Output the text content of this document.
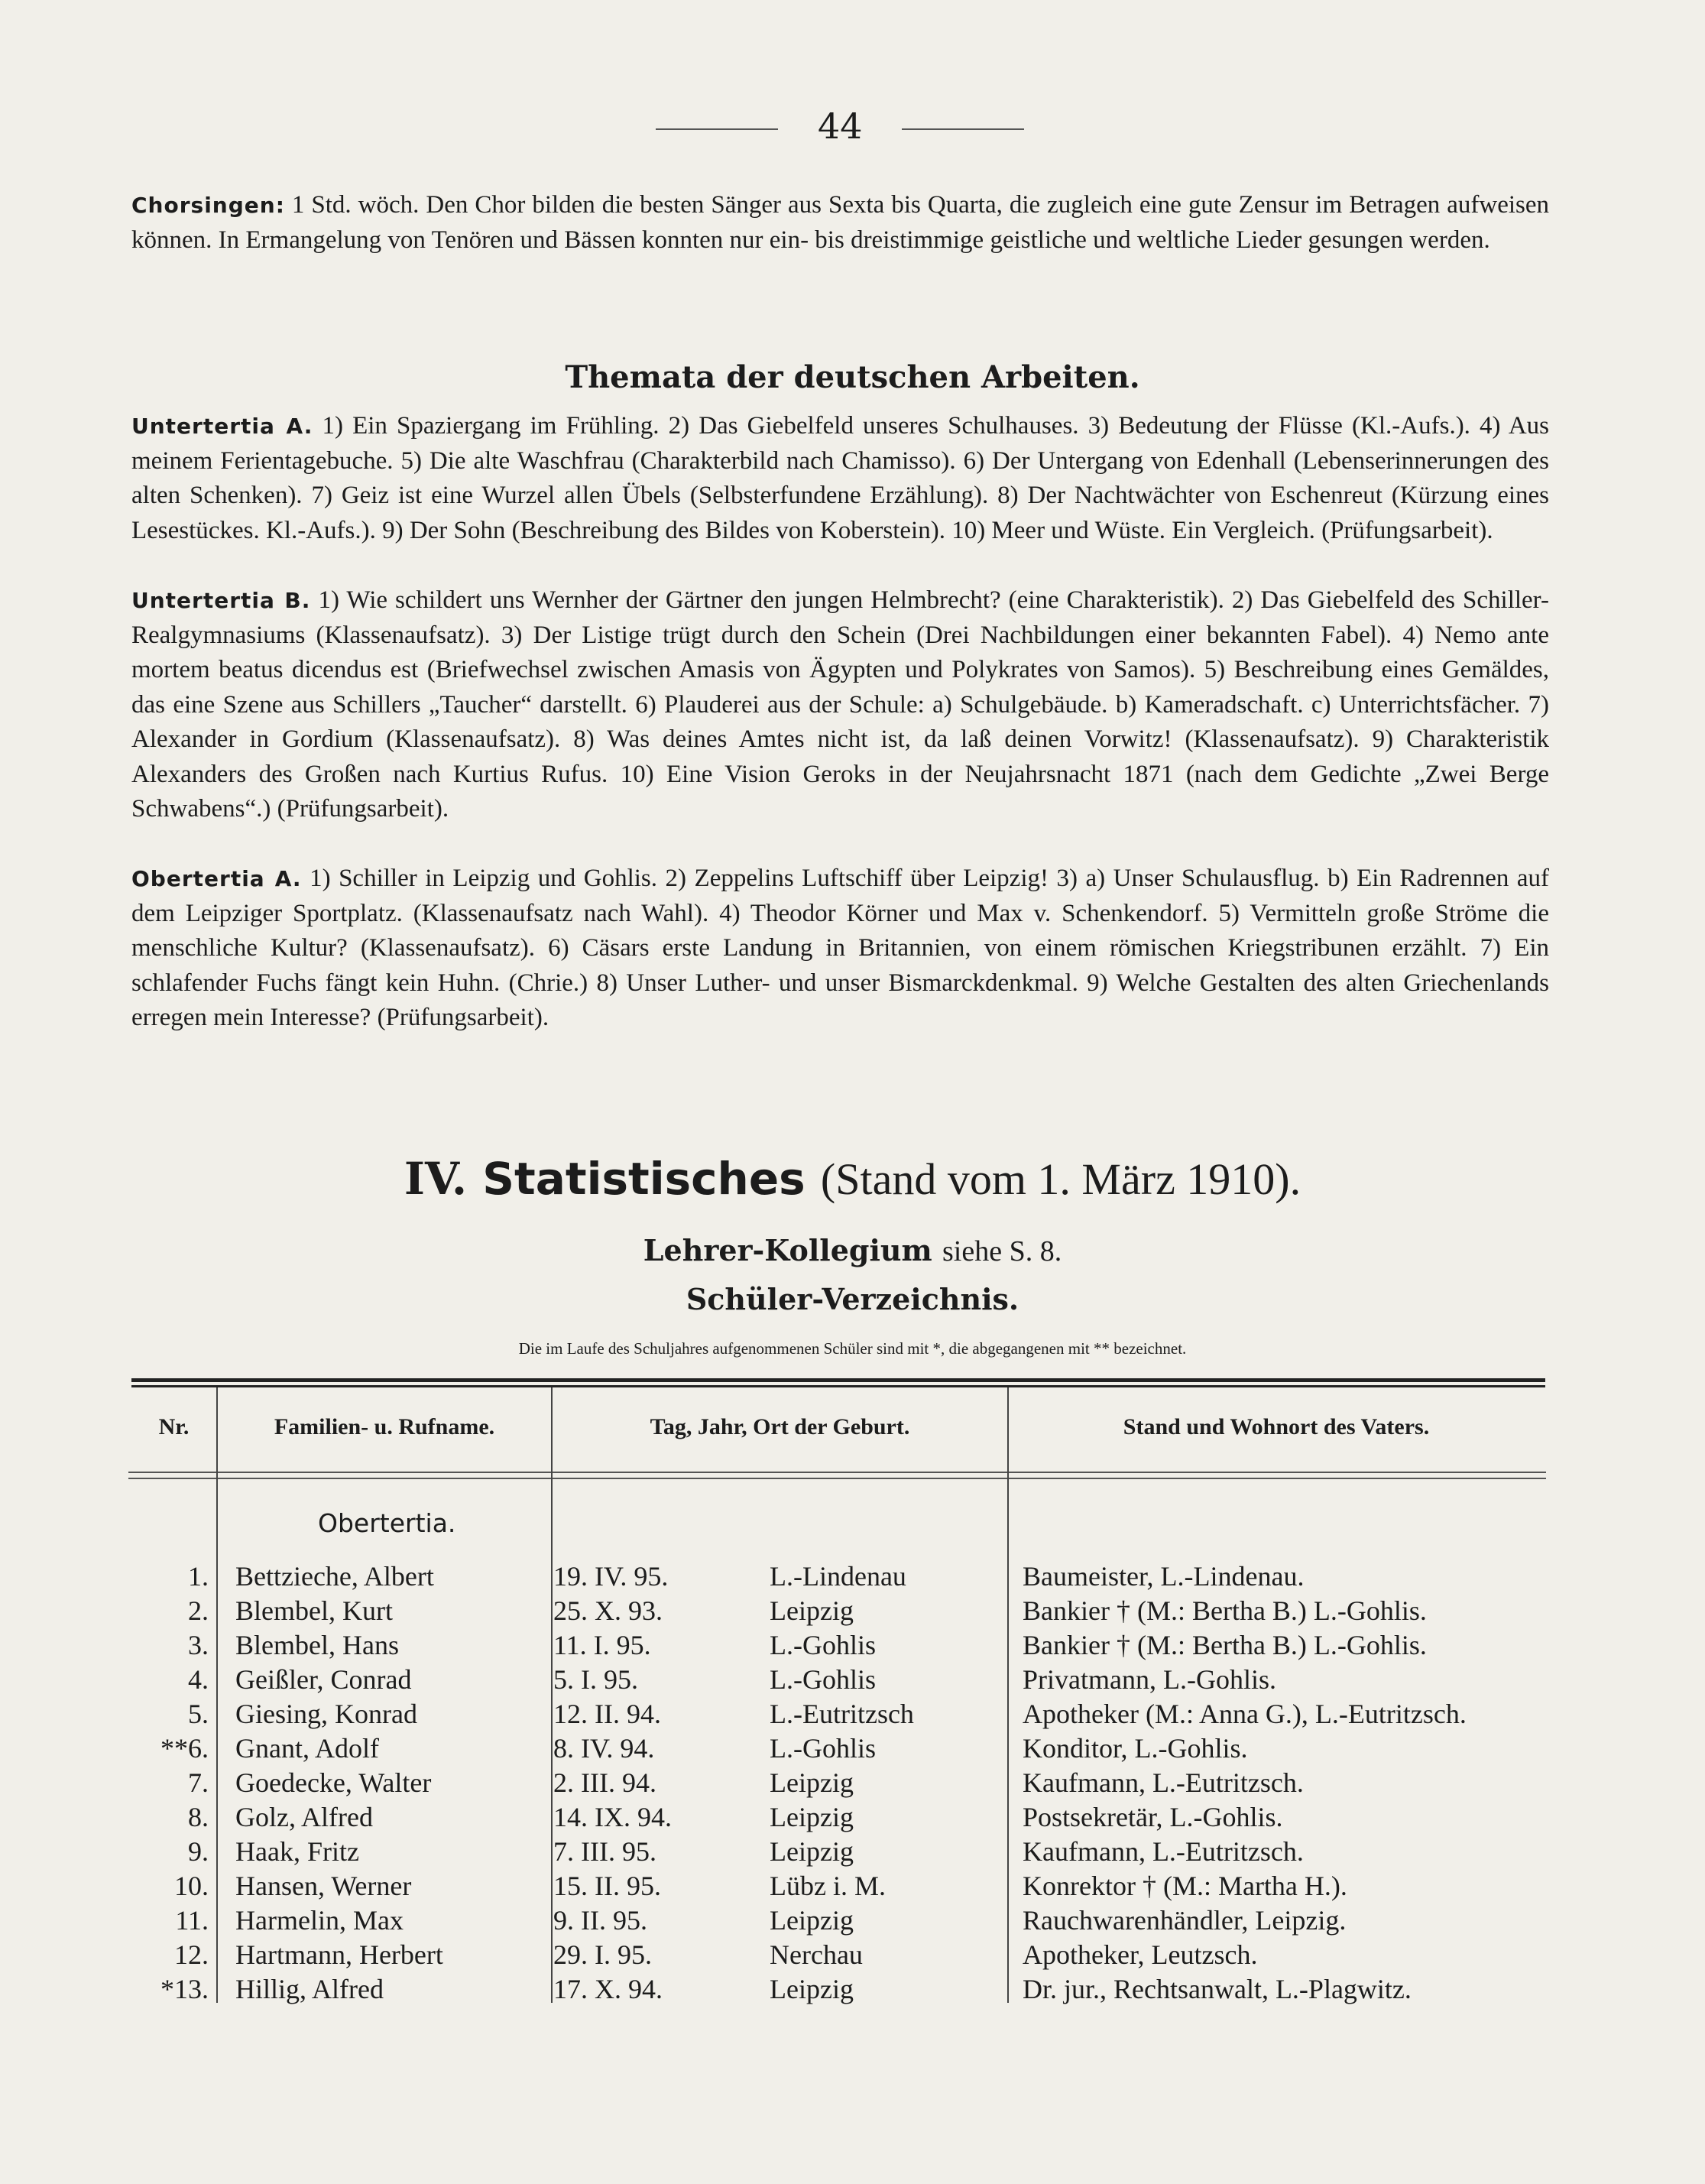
44
Chorsingen: 1 Std. wöch. Den Chor bilden die besten Sänger aus Sexta bis Quarta, die zugleich eine gute Zensur im Betragen aufweisen können. In Ermangelung von Tenören und Bässen konnten nur ein- bis dreistimmige geistliche und weltliche Lieder gesungen werden.
Themata der deutschen Arbeiten.
Untertertia A. 1) Ein Spaziergang im Frühling. 2) Das Giebelfeld unseres Schulhauses. 3) Bedeutung der Flüsse (Kl.-Aufs.). 4) Aus meinem Ferientagebuche. 5) Die alte Waschfrau (Charakterbild nach Chamisso). 6) Der Untergang von Edenhall (Lebenserinnerungen des alten Schenken). 7) Geiz ist eine Wurzel allen Übels (Selbsterfundene Erzählung). 8) Der Nachtwächter von Eschenreut (Kürzung eines Lesestückes. Kl.-Aufs.). 9) Der Sohn (Beschreibung des Bildes von Koberstein). 10) Meer und Wüste. Ein Vergleich. (Prüfungsarbeit).
Untertertia B. 1) Wie schildert uns Wernher der Gärtner den jungen Helmbrecht? (eine Charakteristik). 2) Das Giebelfeld des Schiller-Realgymnasiums (Klassenaufsatz). 3) Der Listige trügt durch den Schein (Drei Nachbildungen einer bekannten Fabel). 4) Nemo ante mortem beatus dicendus est (Briefwechsel zwischen Amasis von Ägypten und Polykrates von Samos). 5) Beschreibung eines Gemäldes, das eine Szene aus Schillers „Taucher“ darstellt. 6) Plauderei aus der Schule: a) Schulgebäude. b) Kameradschaft. c) Unterrichtsfächer. 7) Alexander in Gordium (Klassenaufsatz). 8) Was deines Amtes nicht ist, da laß deinen Vorwitz! (Klassenaufsatz). 9) Charakteristik Alexanders des Großen nach Kurtius Rufus. 10) Eine Vision Geroks in der Neujahrsnacht 1871 (nach dem Gedichte „Zwei Berge Schwabens“.) (Prüfungsarbeit).
Obertertia A. 1) Schiller in Leipzig und Gohlis. 2) Zeppelins Luftschiff über Leipzig! 3) a) Unser Schulausflug. b) Ein Radrennen auf dem Leipziger Sportplatz. (Klassenaufsatz nach Wahl). 4) Theodor Körner und Max v. Schenkendorf. 5) Vermitteln große Ströme die menschliche Kultur? (Klassenaufsatz). 6) Cäsars erste Landung in Britannien, von einem römischen Kriegstribunen erzählt. 7) Ein schlafender Fuchs fängt kein Huhn. (Chrie.) 8) Unser Luther- und unser Bismarckdenkmal. 9) Welche Gestalten des alten Griechenlands erregen mein Interesse? (Prüfungsarbeit).
IV. Statistisches (Stand vom 1. März 1910).
Lehrer-Kollegium siehe S. 8.
Schüler-Verzeichnis.
Die im Laufe des Schuljahres aufgenommenen Schüler sind mit *, die abgegangenen mit ** bezeichnet.
Nr.	Familien- u. Rufname.	Tag, Jahr, Ort der Geburt.	Stand und Wohnort des Vaters.
Obertertia.
1. Bettzieche, Albert	19. IV. 95.	L.-Lindenau	Baumeister, L.-Lindenau.
2. Blembel, Kurt	25. X. 93.	Leipzig	Bankier † (M.: Bertha B.) L.-Gohlis.
3. Blembel, Hans	11. I. 95.	L.-Gohlis	Bankier † (M.: Bertha B.) L.-Gohlis.
4. Geißler, Conrad	5. I. 95.	L.-Gohlis	Privatmann, L.-Gohlis.
5. Giesing, Konrad	12. II. 94.	L.-Eutritzsch	Apotheker (M.: Anna G.), L.-Eutritzsch.
**6. Gnant, Adolf	8. IV. 94.	L.-Gohlis	Konditor, L.-Gohlis.
7. Goedecke, Walter	2. III. 94.	Leipzig	Kaufmann, L.-Eutritzsch.
8. Golz, Alfred	14. IX. 94.	Leipzig	Postsekretär, L.-Gohlis.
9. Haak, Fritz	7. III. 95.	Leipzig	Kaufmann, L.-Eutritzsch.
10. Hansen, Werner	15. II. 95.	Lübz i. M.	Konrektor † (M.: Martha H.).
11. Harmelin, Max	9. II. 95.	Leipzig	Rauchwarenhändler, Leipzig.
12. Hartmann, Herbert	29. I. 95.	Nerchau	Apotheker, Leutzsch.
*13. Hillig, Alfred	17. X. 94.	Leipzig	Dr. jur., Rechtsanwalt, L.-Plagwitz.
